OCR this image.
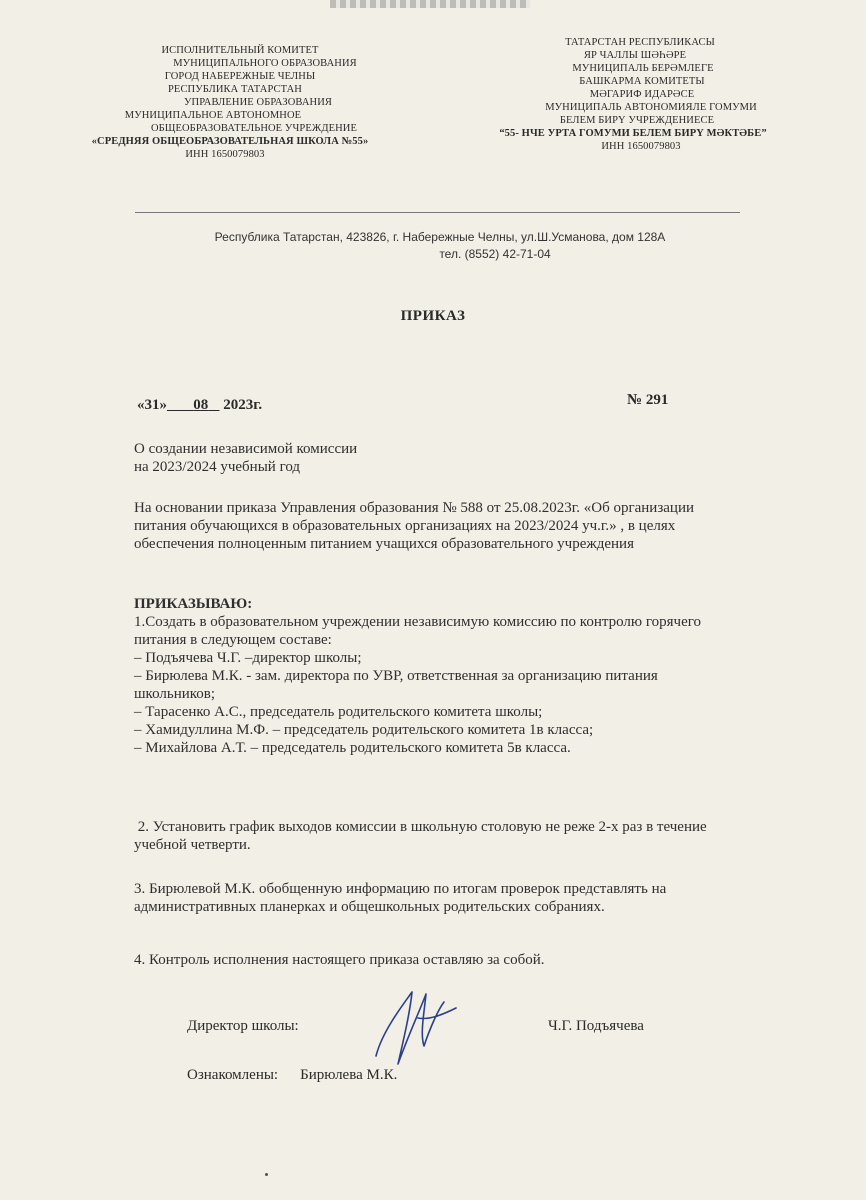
ИСПОЛНИТЕЛЬНЫЙ КОМИТЕТ
МУНИЦИПАЛЬНОГО ОБРАЗОВАНИЯ
ГОРОД НАБЕРЕЖНЫЕ ЧЕЛНЫ
РЕСПУБЛИКА ТАТАРСТАН
УПРАВЛЕНИЕ ОБРАЗОВАНИЯ
МУНИЦИПАЛЬНОЕ АВТОНОМНОЕ
ОБЩЕОБРАЗОВАТЕЛЬНОЕ УЧРЕЖДЕНИЕ
«СРЕДНЯЯ ОБЩЕОБРАЗОВАТЕЛЬНАЯ ШКОЛА №55»
ИНН 1650079803
ТАТАРСТАН РЕСПУБЛИКАСЫ
ЯР ЧАЛЛЫ ШӘҺӘРЕ
МУНИЦИПАЛЬ БЕРӘМЛЕГЕ
БАШКАРМА КОМИТЕТЫ
МӘГАРИФ ИДАРӘСЕ
МУНИЦИПАЛЬ АВТОНОМИЯЛЕ ГОМУМИ
БЕЛЕМ БИРҮ УЧРЕЖДЕНИЕСЕ
“55- НЧЕ УРТА ГОМУМИ БЕЛЕМ БИРҮ МӘКТӘБЕ”
ИНН 1650079803
Республика Татарстан, 423826, г. Набережные Челны, ул.Ш.Усманова, дом 128А
тел. (8552) 42-71-04
ПРИКАЗ
«31» 08 2023г.	№ 291
О создании независимой комиссии
на 2023/2024 учебный год
На основании приказа Управления образования № 588 от 25.08.2023г. «Об организации
питания обучающихся в образовательных организациях на 2023/2024 уч.г.» , в целях
обеспечения полноценным питанием учащихся образовательного учреждения
ПРИКАЗЫВАЮ:
1.Создать в образовательном учреждении независимую комиссию по контролю горячего
питания в следующем составе:
– Подъячева Ч.Г. –директор школы;
– Бирюлева М.К. - зам. директора по УВР, ответственная за организацию питания
школьников;
– Тарасенко А.С., председатель родительского комитета школы;
– Хамидуллина М.Ф. – председатель родительского комитета 1в класса;
– Михайлова А.Т. – председатель родительского комитета 5в класса.
2. Установить график выходов комиссии в школьную столовую не реже 2-х раз в течение
учебной четверти.
3. Бирюлевой М.К. обобщенную информацию по итогам проверок представлять на
административных планерках и общешкольных родительских собраниях.
4. Контроль исполнения настоящего приказа оставляю за собой.
Директор школы:	Ч.Г. Подъячева
Ознакомлены: Бирюлева М.К.
